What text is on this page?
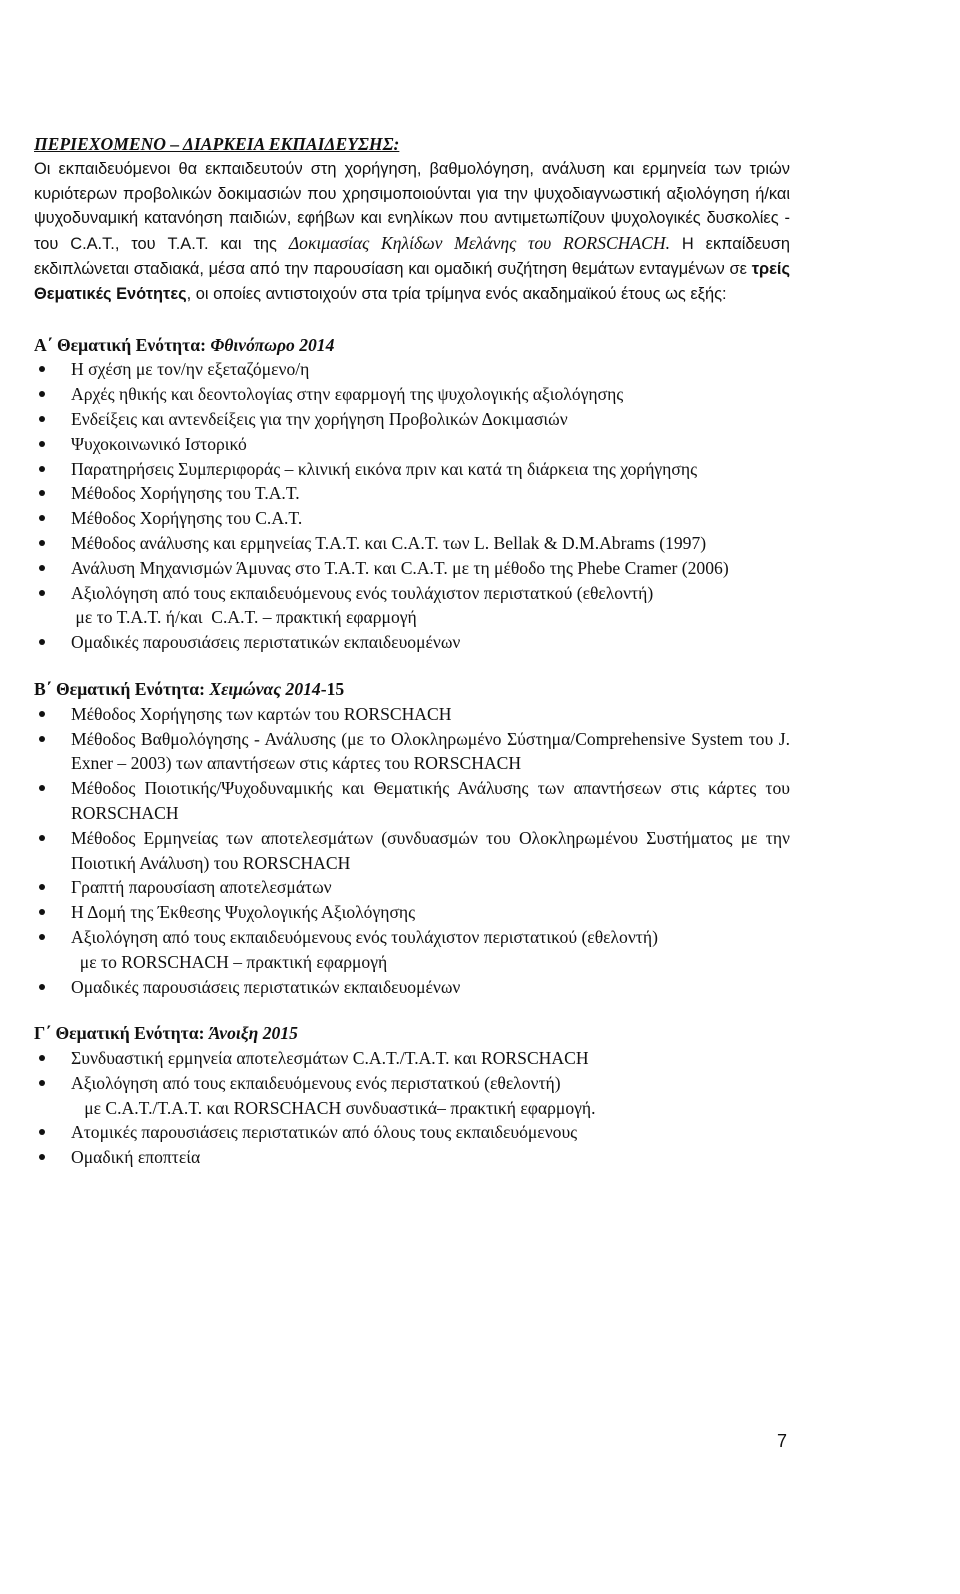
ΠΕΡΙΕΧΟΜΕΝΟ – ΔΙΑΡΚΕΙΑ ΕΚΠΑΙΔΕΥΣΗΣ:

Οι εκπαιδευόμενοι θα εκπαιδευτούν στη χορήγηση, βαθμολόγηση, ανάλυση και ερμηνεία των τριών κυριότερων προβολικών δοκιμασιών που χρησιμοποιούνται για την ψυχοδιαγνωστική αξιολόγηση ή/και ψυχοδυναμική κατανόηση παιδιών, εφήβων και ενηλίκων που αντιμετωπίζουν ψυχολογικές δυσκολίες - του C.A.T., του T.A.T. και της Δοκιμασίας Κηλίδων Μελάνης του RORSCHACH. Η εκπαίδευση εκδιπλώνεται σταδιακά, μέσα από την παρουσίαση και ομαδική συζήτηση θεμάτων ενταγμένων σε τρείς Θεματικές Ενότητες, οι οποίες αντιστοιχούν στα τρία τρίμηνα ενός ακαδημαϊκού έτους ως εξής:

Α΄ Θεματική Ενότητα: Φθινόπωρο 2014

Η σχέση με τον/ην εξεταζόμενο/η
Αρχές ηθικής και δεοντολογίας στην εφαρμογή της ψυχολογικής αξιολόγησης
Ενδείξεις και αντενδείξεις για την χορήγηση Προβολικών Δοκιμασιών
Ψυχοκοινωνικό Ιστορικό
Παρατηρήσεις Συμπεριφοράς – κλινική εικόνα πριν και κατά τη διάρκεια της χορήγησης
Μέθοδος Χορήγησης του Τ.Α.Τ.
Μέθοδος Χορήγησης του C.A.T.
Μέθοδος ανάλυσης και ερμηνείας Τ.Α.Τ. και C.A.T. των L. Bellak & D.M.Abrams (1997)
Ανάλυση Μηχανισμών Άμυνας στο Τ.Α.Τ. και C.A.T. με τη μέθοδο της Phebe Cramer (2006)
Αξιολόγηση από τους εκπαιδευόμενους ενός τουλάχιστον περιστατκού (εθελοντή)
με το Τ.Α.Τ. ή/και  C.A.T. – πρακτική εφαρμογή
Ομαδικές παρουσιάσεις περιστατικών εκπαιδευομένων

Β΄ Θεματική Ενότητα: Χειμώνας 2014-15

Μέθοδος Χορήγησης των καρτών του RORSCHACH
Μέθοδος Βαθμολόγησης - Ανάλυσης (με το Ολοκληρωμένο Σύστημα/Comprehensive System του J. Exner – 2003) των απαντήσεων στις κάρτες του RORSCHACH
Μέθοδος Ποιοτικής/Ψυχοδυναμικής και Θεματικής Ανάλυσης των απαντήσεων στις κάρτες του RORSCHACH
Μέθοδος Ερμηνείας των αποτελεσμάτων (συνδυασμών του Ολοκληρωμένου Συστήματος με την Ποιοτική Ανάλυση) του RORSCHACH
Γραπτή παρουσίαση αποτελεσμάτων
Η Δομή της Έκθεσης Ψυχολογικής Αξιολόγησης
Αξιολόγηση από τους εκπαιδευόμενους ενός τουλάχιστον περιστατικού (εθελοντή)
με το RORSCHACH – πρακτική εφαρμογή
Ομαδικές παρουσιάσεις περιστατικών εκπαιδευομένων

Γ΄ Θεματική Ενότητα: Άνοιξη 2015

Συνδυαστική ερμηνεία αποτελεσμάτων C.A.T./T.A.T. και RORSCHACH
Αξιολόγηση από τους εκπαιδευόμενους ενός περιστατκού (εθελοντή)
με C.A.T./T.A.T. και RORSCHACH συνδυαστικά– πρακτική εφαρμογή.
Ατομικές παρουσιάσεις περιστατικών από όλους τους εκπαιδευόμενους
Ομαδική εποπτεία
7
